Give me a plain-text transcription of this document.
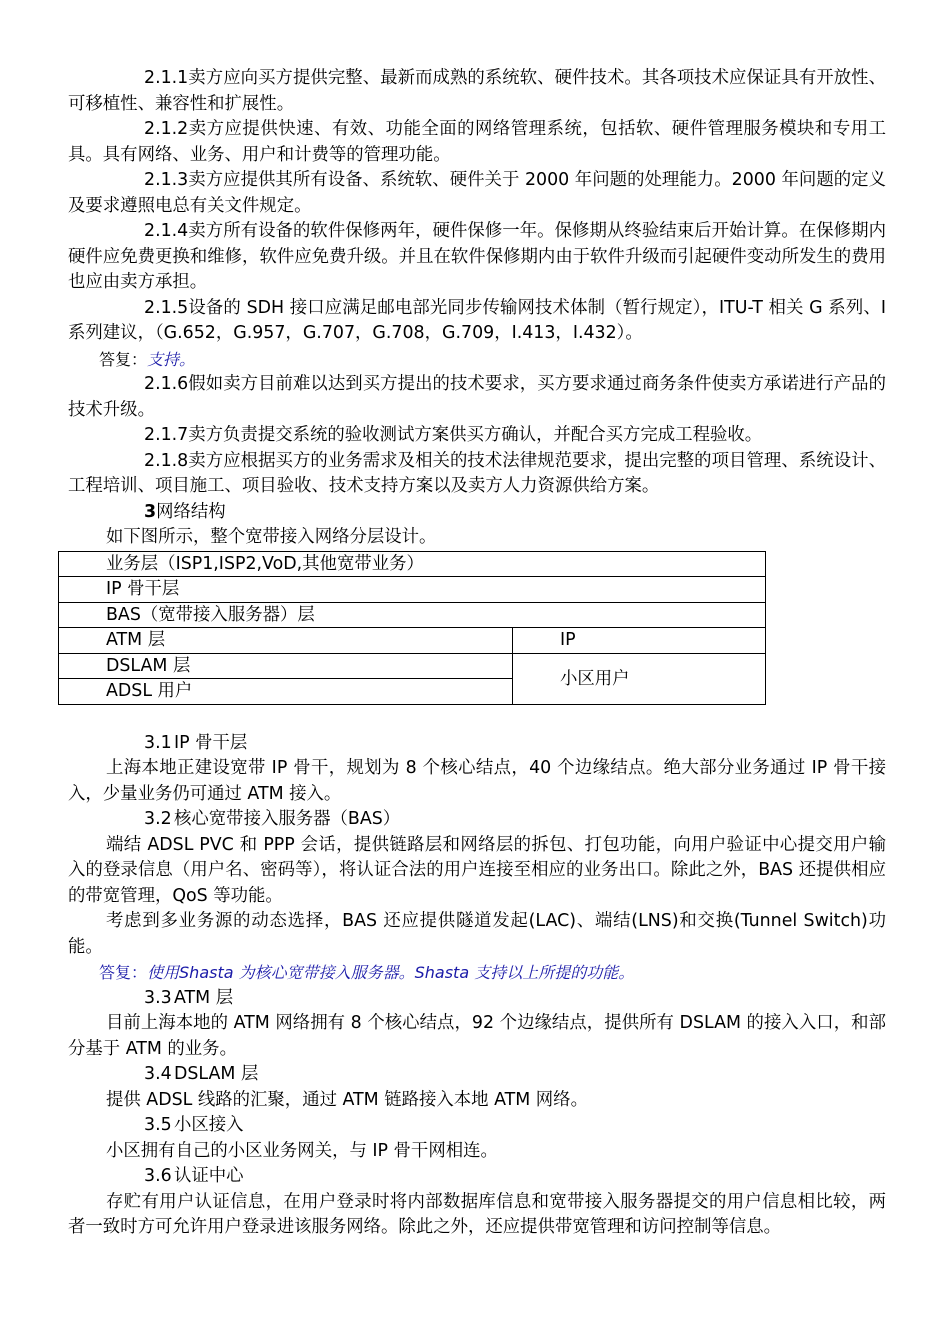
2.1.1卖方应向买方提供完整、最新而成熟的系统软、硬件技术。其各项技术应保证具有开放性、可移植性、兼容性和扩展性。

2.1.2卖方应提供快速、有效、功能全面的网络管理系统，包括软、硬件管理服务模块和专用工具。具有网络、业务、用户和计费等的管理功能。

2.1.3卖方应提供其所有设备、系统软、硬件关于 2000 年问题的处理能力。2000 年问题的定义及要求遵照电总有关文件规定。

2.1.4卖方所有设备的软件保修两年，硬件保修一年。保修期从终验结束后开始计算。在保修期内硬件应免费更换和维修，软件应免费升级。并且在软件保修期内由于软件升级而引起硬件变动所发生的费用也应由卖方承担。

2.1.5设备的 SDH 接口应满足邮电部光同步传输网技术体制（暂行规定），ITU-T 相关 G 系列、I 系列建议，（G.652，G.957，G.707，G.708，G.709，I.413，I.432）。

答复：支持。

2.1.6假如卖方目前难以达到买方提出的技术要求，买方要求通过商务条件使卖方承诺进行产品的技术升级。

2.1.7卖方负责提交系统的验收测试方案供买方确认，并配合买方完成工程验收。

2.1.8卖方应根据买方的业务需求及相关的技术法律规范要求，提出完整的项目管理、系统设计、工程培训、项目施工、项目验收、技术支持方案以及卖方人力资源供给方案。

3网络结构

如下图所示，整个宽带接入网络分层设计。

业务层（ISP1,ISP2,VoD,其他宽带业务）	
IP 骨干层	
BAS（宽带接入服务器）层	
ATM 层	IP
DSLAM 层	小区用户
ADSL 用户	

3.1 IP 骨干层

上海本地正建设宽带 IP 骨干，规划为 8 个核心结点，40 个边缘结点。绝大部分业务通过 IP 骨干接入，少量业务仍可通过 ATM 接入。

3.2 核心宽带接入服务器（BAS）

端结 ADSL PVC 和 PPP 会话，提供链路层和网络层的拆包、打包功能，向用户验证中心提交用户输入的登录信息（用户名、密码等），将认证合法的用户连接至相应的业务出口。除此之外，BAS 还提供相应的带宽管理，QoS 等功能。

考虑到多业务源的动态选择，BAS 还应提供隧道发起(LAC)、端结(LNS)和交换(Tunnel Switch)功能。

答复：使用Shasta 为核心宽带接入服务器。Shasta 支持以上所提的功能。

3.3 ATM 层

目前上海本地的 ATM 网络拥有 8 个核心结点，92 个边缘结点，提供所有 DSLAM 的接入入口，和部分基于 ATM 的业务。

3.4 DSLAM 层

提供 ADSL 线路的汇聚，通过 ATM 链路接入本地 ATM 网络。

3.5 小区接入

小区拥有自己的小区业务网关，与 IP 骨干网相连。

3.6 认证中心

存贮有用户认证信息，在用户登录时将内部数据库信息和宽带接入服务器提交的用户信息相比较，两者一致时方可允许用户登录进该服务网络。除此之外，还应提供带宽管理和访问控制等信息。
